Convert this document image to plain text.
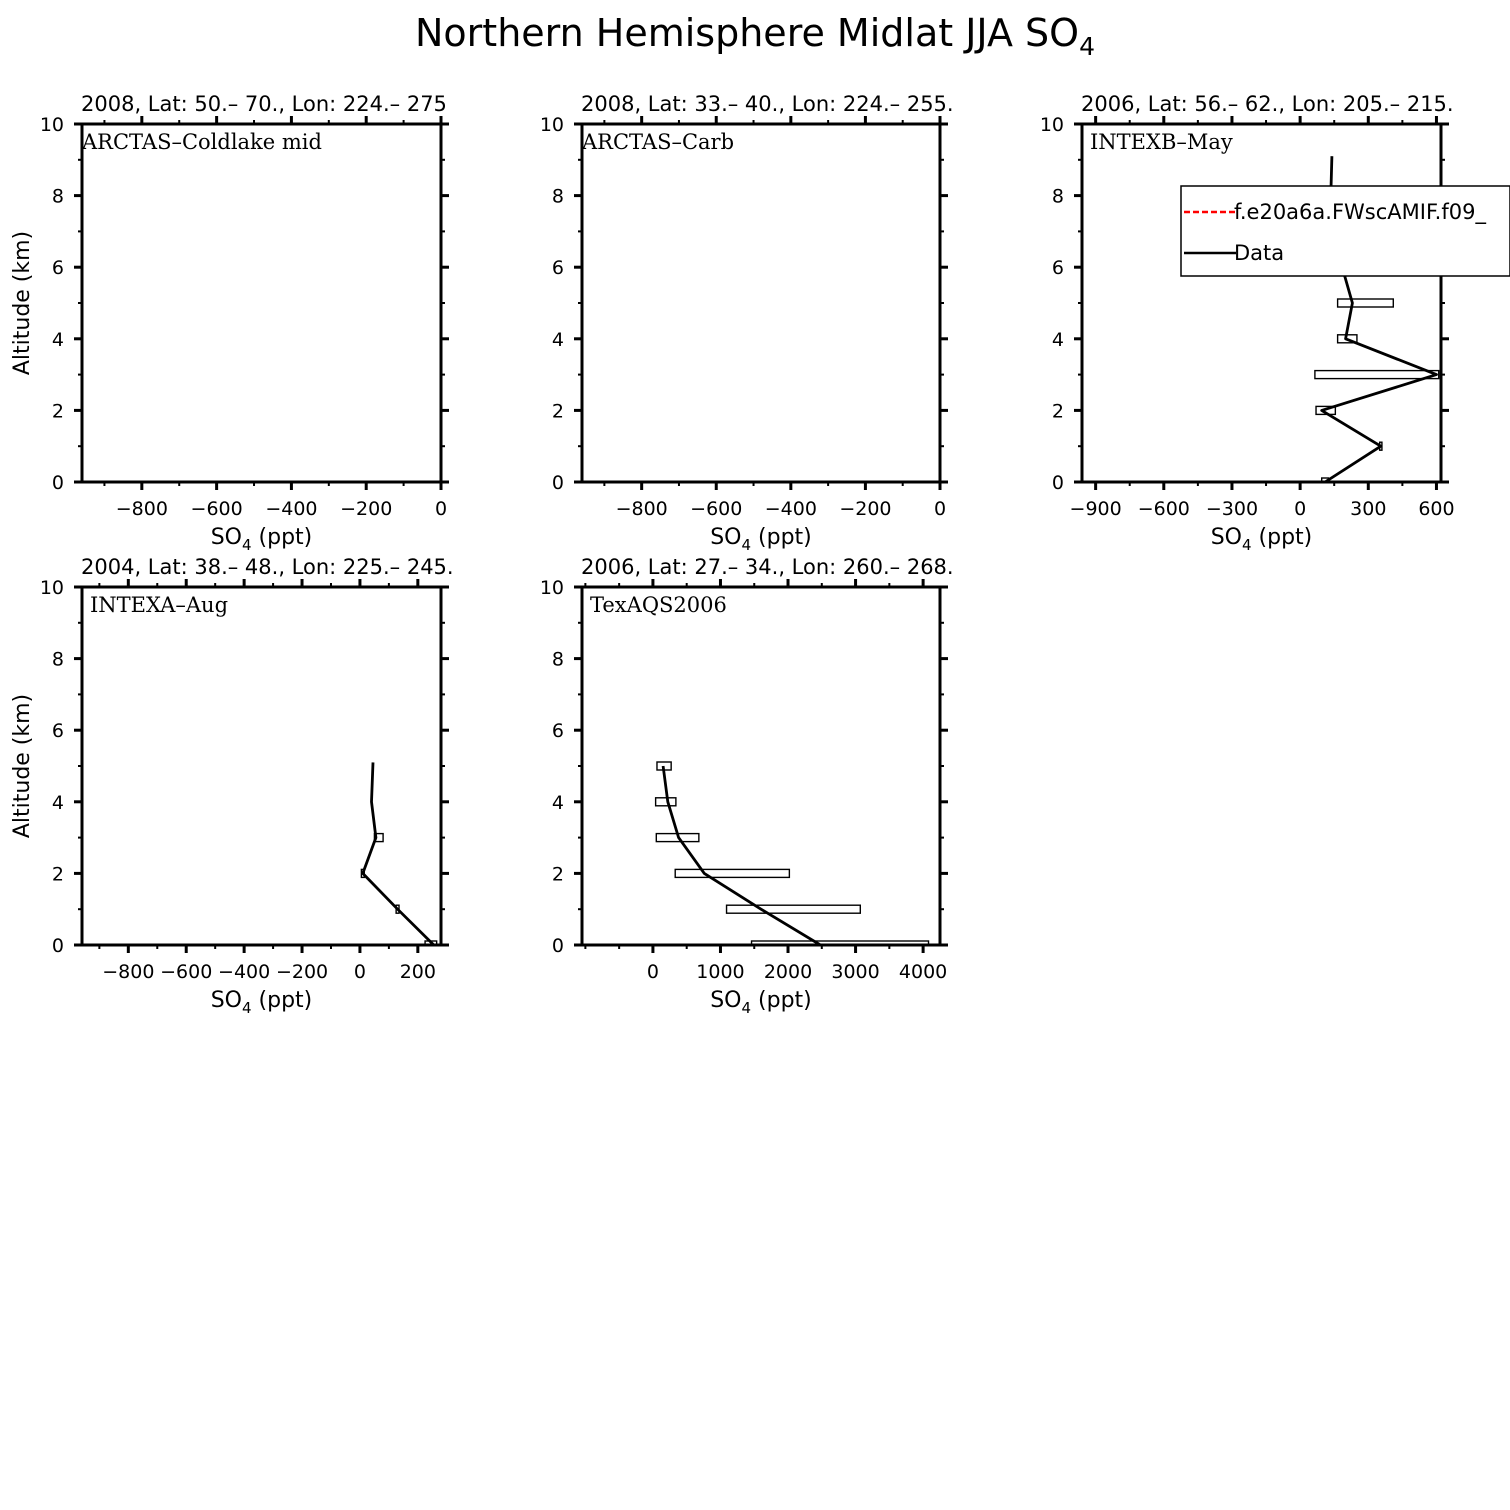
Northern Hemisphere Midlat JJA $SO_4$
2008, Lat: 50.– 70., Lon: 224.– 275
ARCTAS–Coldlake mid
0
2
4
6
8
10
−800 −600 −400 −200 0
$SO_4$ (ppt)
Altitude (km)
2008, Lat: 33.– 40., Lon: 224.– 255.
ARCTAS–Carb
0
2
4
6
8
10
−800 −600 −400 −200 0
$SO_4$ (ppt)
2006, Lat: 56.– 62., Lon: 205.– 215.
INTEXB–May
0
2
4
6
8
10
−900 −600 −300 0 300 600
$SO_4$ (ppt)
f.e20a6a.FWscAMIF.f09_
Data
2004, Lat: 38.– 48., Lon: 225.– 245.
INTEXA–Aug
0
2
4
6
8
10
−800 −600 −400 −200 0 200
$SO_4$ (ppt)
Altitude (km)
2006, Lat: 27.– 34., Lon: 260.– 268.
TexAQS2006
0
2
4
6
8
10
0 1000 2000 3000 4000
$SO_4$ (ppt)
